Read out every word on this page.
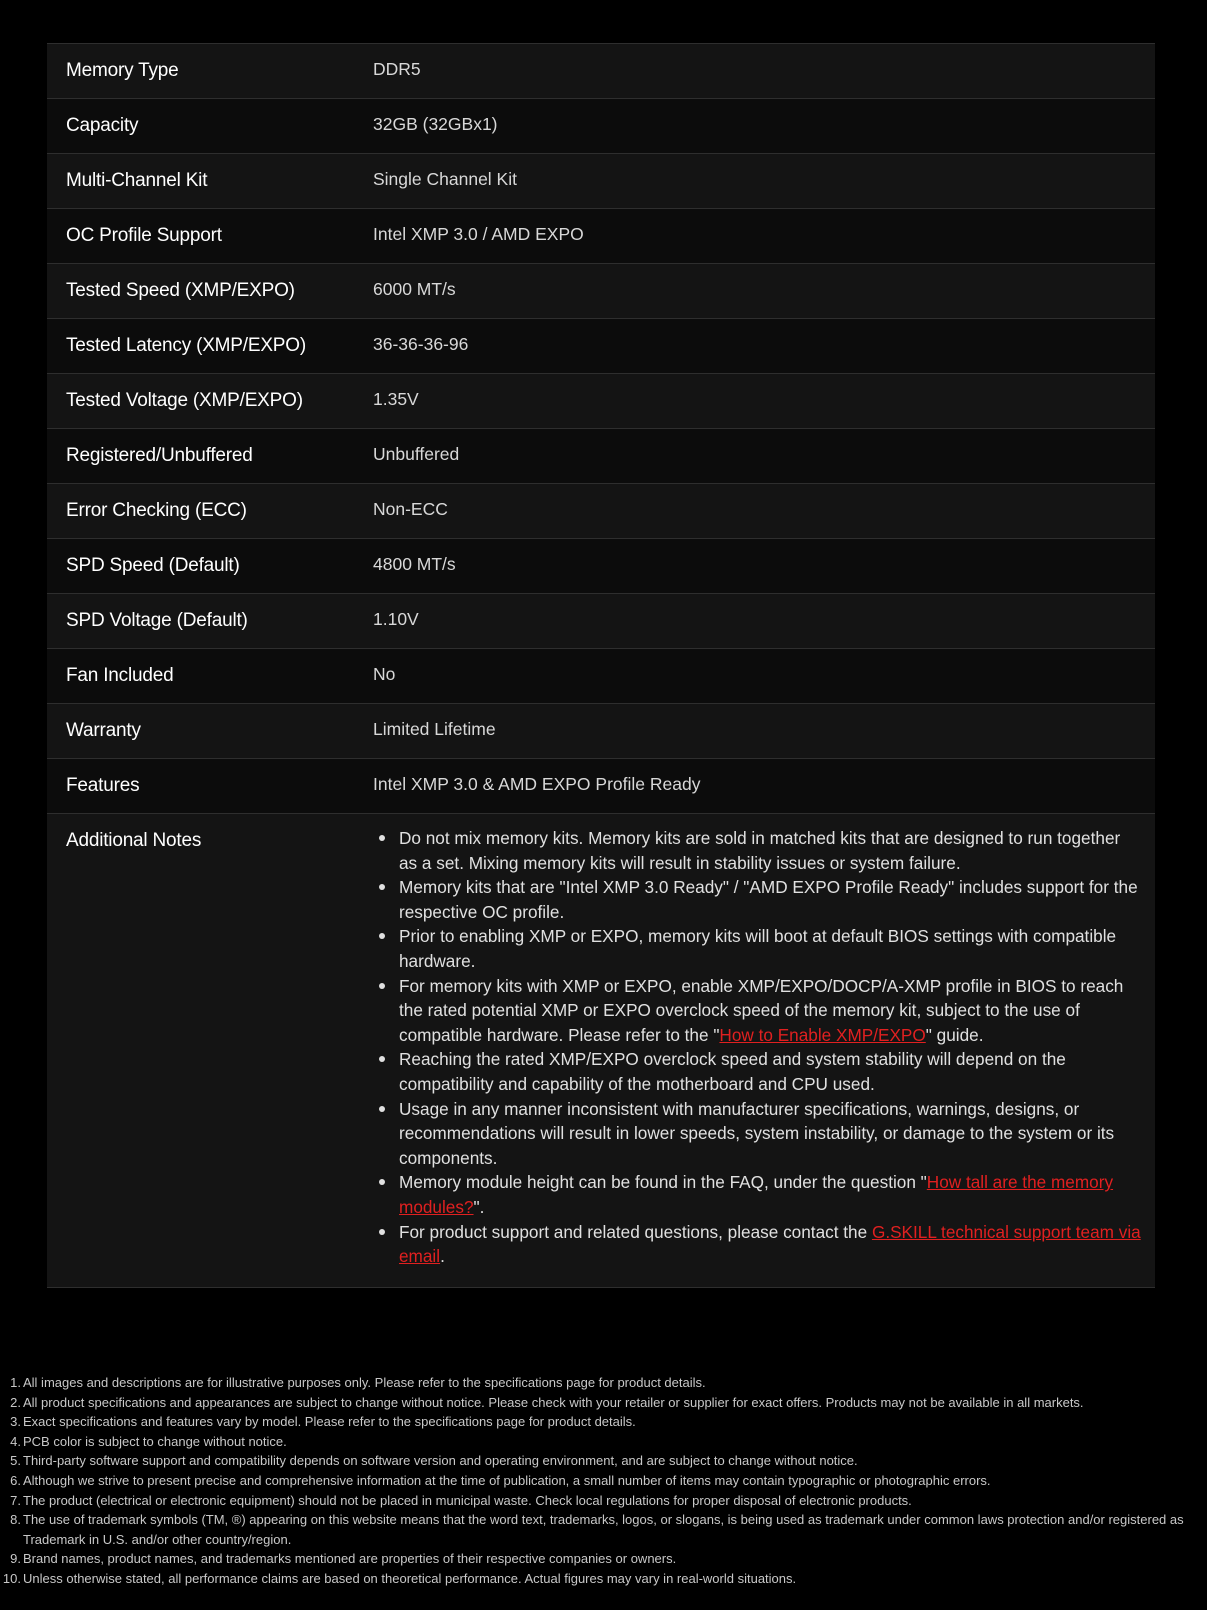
Memory Type	DDR5
Capacity	32GB (32GBx1)
Multi-Channel Kit	Single Channel Kit
OC Profile Support	Intel XMP 3.0 / AMD EXPO
Tested Speed (XMP/EXPO)	6000 MT/s
Tested Latency (XMP/EXPO)	36-36-36-96
Tested Voltage (XMP/EXPO)	1.35V
Registered/Unbuffered	Unbuffered
Error Checking (ECC)	Non-ECC
SPD Speed (Default)	4800 MT/s
SPD Voltage (Default)	1.10V
Fan Included	No
Warranty	Limited Lifetime
Features	Intel XMP 3.0 & AMD EXPO Profile Ready
Additional Notes	Do not mix memory kits. Memory kits are sold in matched kits that are designed to run together as a set. Mixing memory kits will result in stability issues or system failure.
Memory kits that are "Intel XMP 3.0 Ready" / "AMD EXPO Profile Ready" includes support for the respective OC profile.
Prior to enabling XMP or EXPO, memory kits will boot at default BIOS settings with compatible hardware.
For memory kits with XMP or EXPO, enable XMP/EXPO/DOCP/A-XMP profile in BIOS to reach the rated potential XMP or EXPO overclock speed of the memory kit, subject to the use of compatible hardware. Please refer to the "How to Enable XMP/EXPO" guide.
Reaching the rated XMP/EXPO overclock speed and system stability will depend on the compatibility and capability of the motherboard and CPU used.
Usage in any manner inconsistent with manufacturer specifications, warnings, designs, or recommendations will result in lower speeds, system instability, or damage to the system or its components.
Memory module height can be found in the FAQ, under the question "How tall are the memory modules?".
For product support and related questions, please contact the G.SKILL technical support team via email.
1. All images and descriptions are for illustrative purposes only. Please refer to the specifications page for product details.
2. All product specifications and appearances are subject to change without notice. Please check with your retailer or supplier for exact offers. Products may not be available in all markets.
3. Exact specifications and features vary by model. Please refer to the specifications page for product details.
4. PCB color is subject to change without notice.
5. Third-party software support and compatibility depends on software version and operating environment, and are subject to change without notice.
6. Although we strive to present precise and comprehensive information at the time of publication, a small number of items may contain typographic or photographic errors.
7. The product (electrical or electronic equipment) should not be placed in municipal waste. Check local regulations for proper disposal of electronic products.
8. The use of trademark symbols (TM, ®) appearing on this website means that the word text, trademarks, logos, or slogans, is being used as trademark under common laws protection and/or registered as Trademark in U.S. and/or other country/region.
9. Brand names, product names, and trademarks mentioned are properties of their respective companies or owners.
10. Unless otherwise stated, all performance claims are based on theoretical performance. Actual figures may vary in real-world situations.
